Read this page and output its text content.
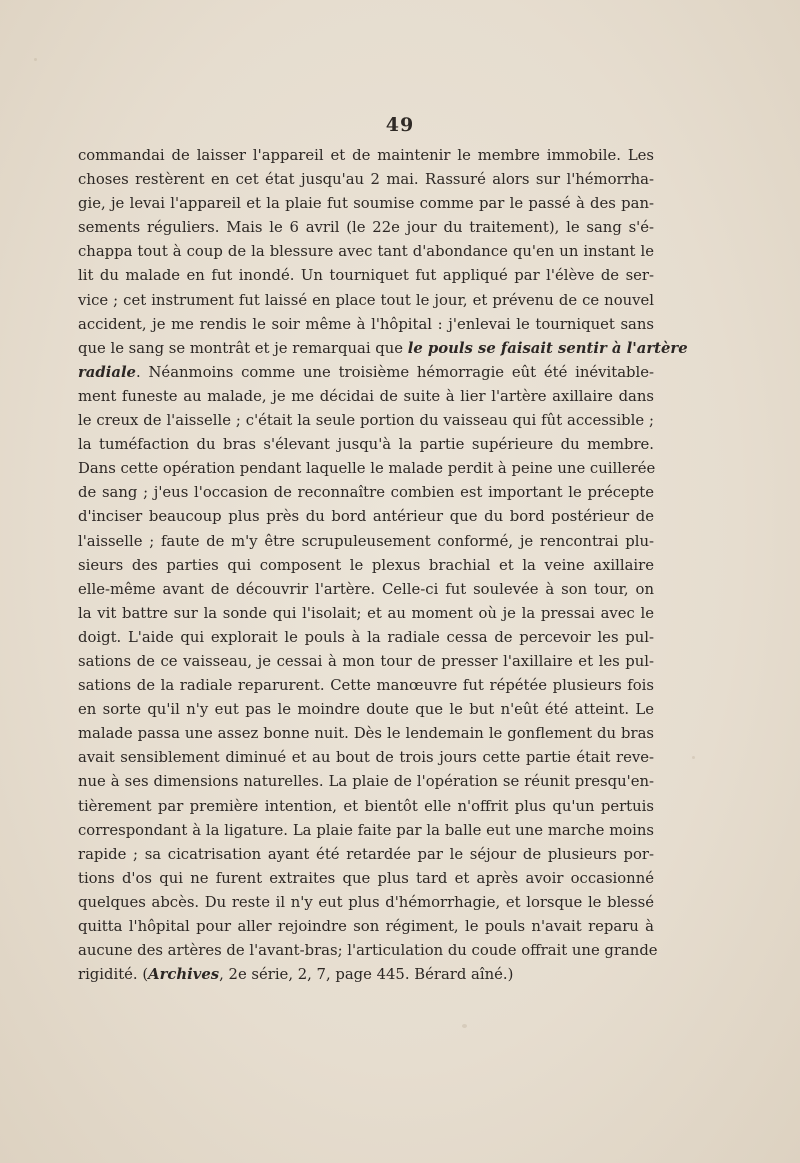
49
commandai de laisser l'appareil et de maintenir le membre immobile. Les
choses restèrent en cet état jusqu'au 2 mai. Rassuré alors sur l'hémorrha-
gie, je levai l'appareil et la plaie fut soumise comme par le passé à des pan-
sements réguliers. Mais le 6 avril (le 22e jour du traitement), le sang s'é-
chappa tout à coup de la blessure avec tant d'abondance qu'en un instant le
lit du malade en fut inondé. Un tourniquet fut appliqué par l'élève de ser-
vice ; cet instrument fut laissé en place tout le jour, et prévenu de ce nouvel
accident, je me rendis le soir même à l'hôpital : j'enlevai le tourniquet sans
que le sang se montrât et je remarquai que le pouls se faisait sentir à l'artère
radiale. Néanmoins comme une troisième hémorragie eût été inévitable-
ment funeste au malade, je me décidai de suite à lier l'artère axillaire dans
le creux de l'aisselle ; c'était la seule portion du vaisseau qui fût accessible ;
la tuméfaction du bras s'élevant jusqu'à la partie supérieure du membre.
Dans cette opération pendant laquelle le malade perdit à peine une cuillerée
de sang ; j'eus l'occasion de reconnaître combien est important le précepte
d'inciser beaucoup plus près du bord antérieur que du bord postérieur de
l'aisselle ; faute de m'y être scrupuleusement conformé, je rencontrai plu-
sieurs des parties qui composent le plexus brachial et la veine axillaire
elle-même avant de découvrir l'artère. Celle-ci fut soulevée à son tour, on
la vit battre sur la sonde qui l'isolait; et au moment où je la pressai avec le
doigt. L'aide qui explorait le pouls à la radiale cessa de percevoir les pul-
sations de ce vaisseau, je cessai à mon tour de presser l'axillaire et les pul-
sations de la radiale reparurent. Cette manœuvre fut répétée plusieurs fois
en sorte qu'il n'y eut pas le moindre doute que le but n'eût été atteint. Le
malade passa une assez bonne nuit. Dès le lendemain le gonflement du bras
avait sensiblement diminué et au bout de trois jours cette partie était reve-
nue à ses dimensions naturelles. La plaie de l'opération se réunit presqu'en-
tièrement par première intention, et bientôt elle n'offrit plus qu'un pertuis
correspondant à la ligature. La plaie faite par la balle eut une marche moins
rapide ; sa cicatrisation ayant été retardée par le séjour de plusieurs por-
tions d'os qui ne furent extraites que plus tard et après avoir occasionné
quelques abcès. Du reste il n'y eut plus d'hémorrhagie, et lorsque le blessé
quitta l'hôpital pour aller rejoindre son régiment, le pouls n'avait reparu à
aucune des artères de l'avant-bras; l'articulation du coude offrait une grande
rigidité. (Archives, 2e série, 2, 7, page 445. Bérard aîné.)
